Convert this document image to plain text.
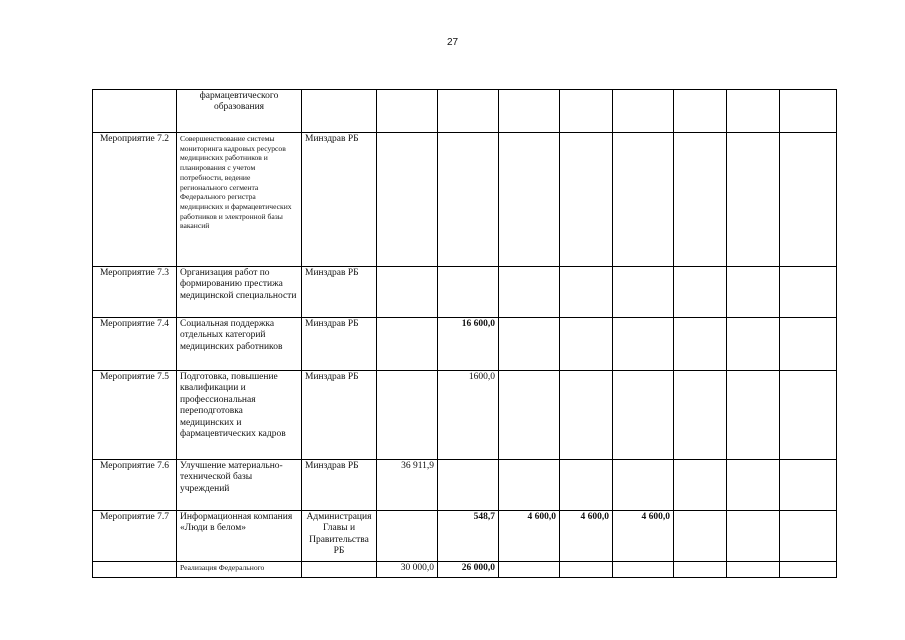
27
	фармацевтического образования									
Мероприятие 7.2	Совершенствование системы мониторинга кадровых ресурсов медицинских работников и планирования с учетом потребности, ведение регионального сегмента Федерального регистра медицинских и фармацевтических работников и электронной базы вакансий	Минздрав РБ								
Мероприятие 7.3	Организация работ по формированию престижа медицинской специальности	Минздрав РБ								
Мероприятие 7.4	Социальная поддержка отдельных категорий медицинских работников	Минздрав РБ		16 600,0						
Мероприятие 7.5	Подготовка, повышение квалификации и профессиональная переподготовка медицинских и фармацевтических кадров	Минздрав РБ		1600,0						
Мероприятие 7.6	Улучшение материально-технической базы учреждений	Минздрав РБ	36 911,9							
Мероприятие 7.7	Информационная компания «Люди в белом»	Администрация Главы и Правительства РБ		548,7	4 600,0	4 600,0	4 600,0			
	Реализация Федерального		30 000,0	26 000,0						
